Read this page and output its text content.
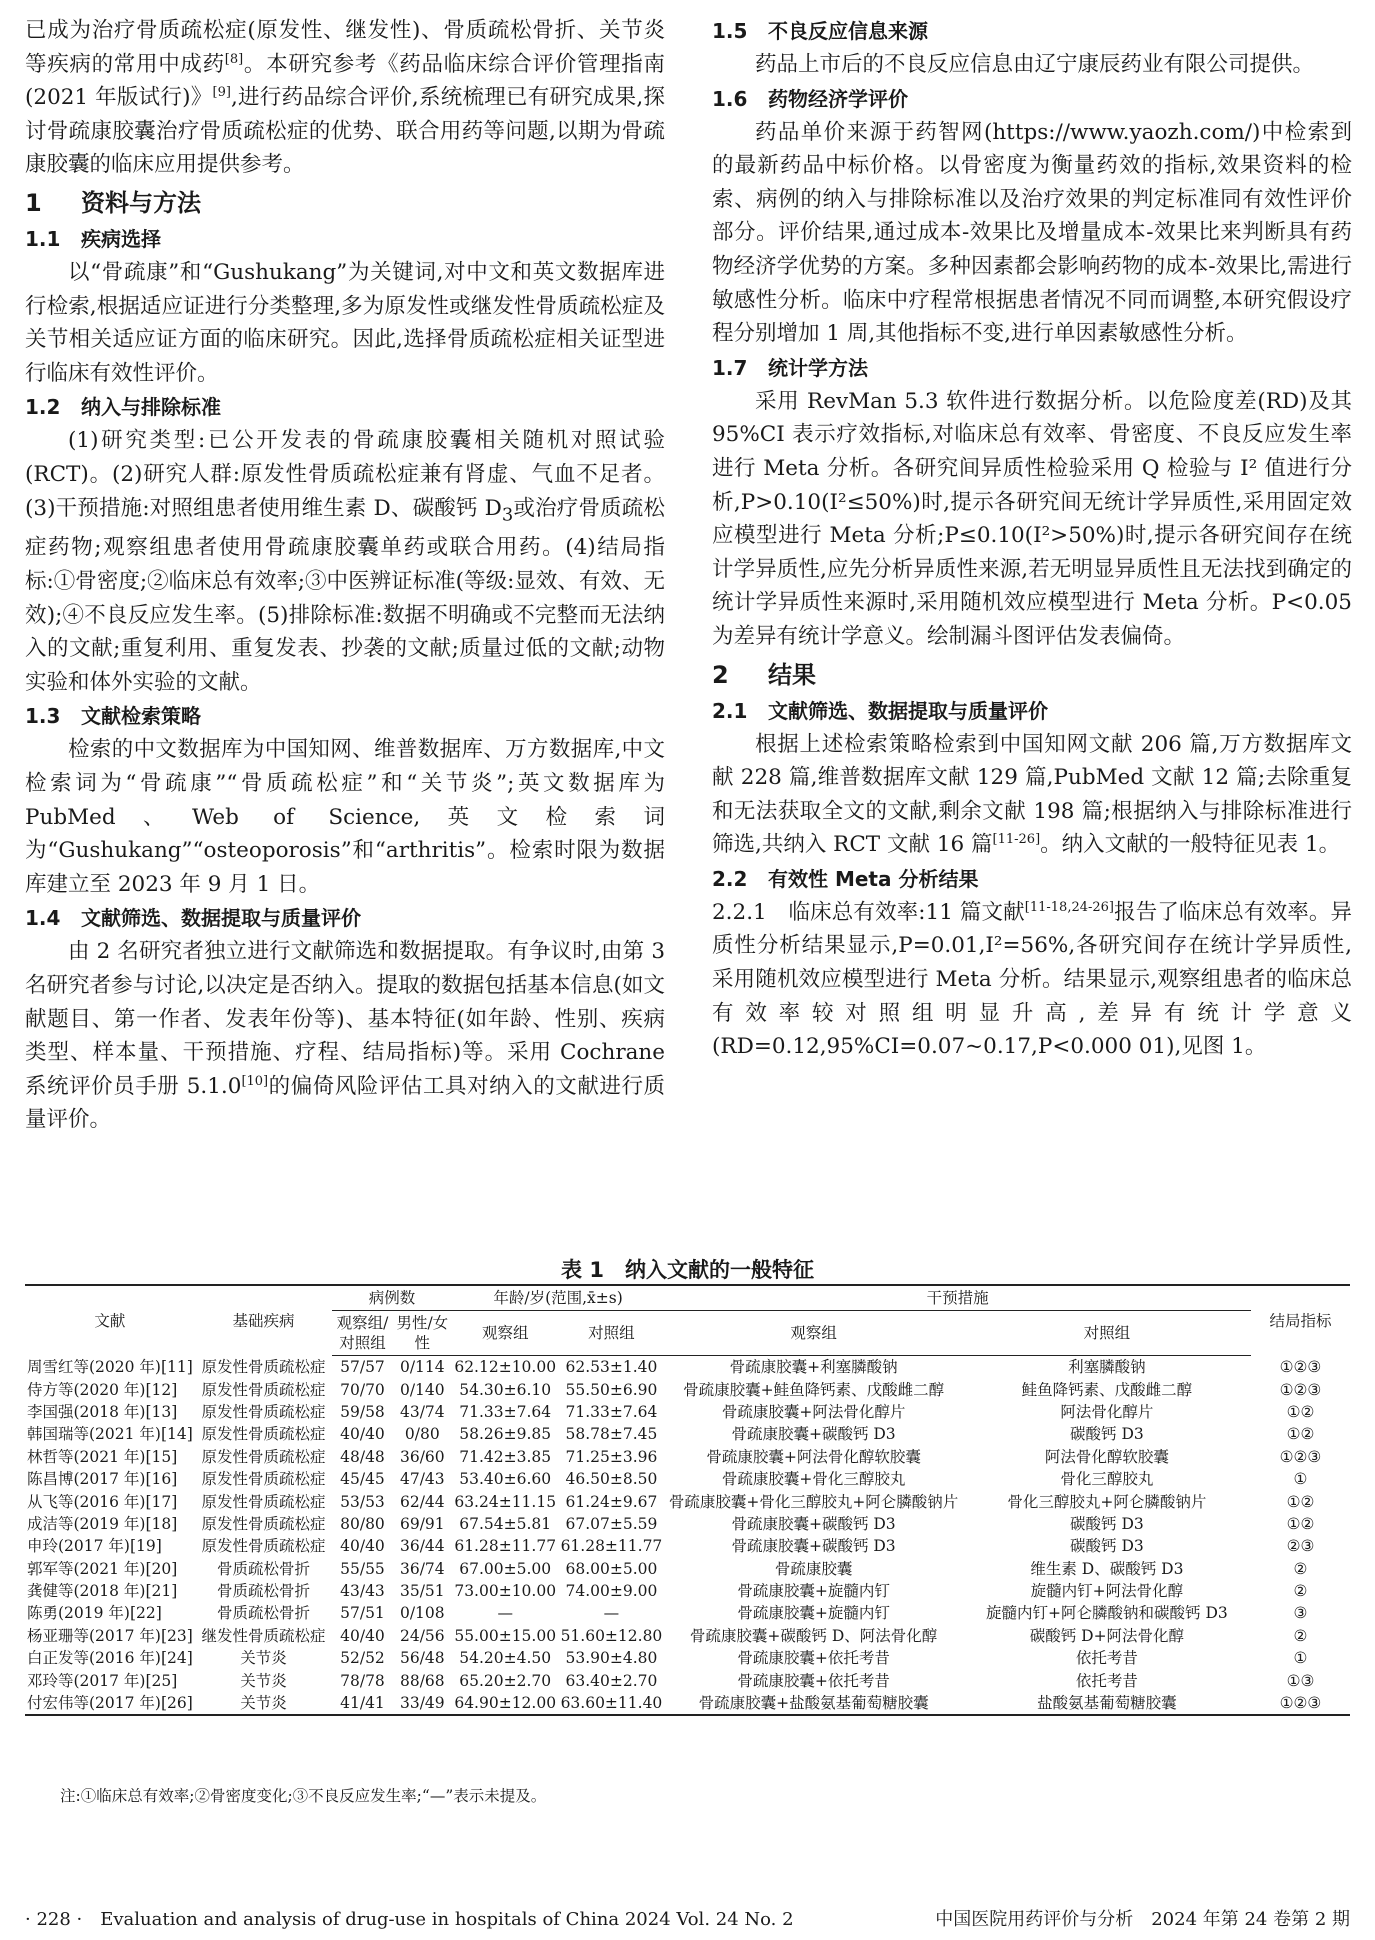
已成为治疗骨质疏松症(原发性、继发性)、骨质疏松骨折、关节炎等疾病的常用中成药[8]。本研究参考《药品临床综合评价管理指南(2021 年版试行)》[9],进行药品综合评价,系统梳理已有研究成果,探讨骨疏康胶囊治疗骨质疏松症的优势、联合用药等问题,以期为骨疏康胶囊的临床应用提供参考。

1 资料与方法
1.1 疾病选择

以“骨疏康”和“Gushukang”为关键词,对中文和英文数据库进行检索,根据适应证进行分类整理,多为原发性或继发性骨质疏松症及关节相关适应证方面的临床研究。因此,选择骨质疏松症相关证型进行临床有效性评价。

1.2 纳入与排除标准

(1)研究类型:已公开发表的骨疏康胶囊相关随机对照试验(RCT)。(2)研究人群:原发性骨质疏松症兼有肾虚、气血不足者。(3)干预措施:对照组患者使用维生素 D、碳酸钙 $D_3$或治疗骨质疏松症药物;观察组患者使用骨疏康胶囊单药或联合用药。(4)结局指标:①骨密度;②临床总有效率;③中医辨证标准(等级:显效、有效、无效);④不良反应发生率。(5)排除标准:数据不明确或不完整而无法纳入的文献;重复利用、重复发表、抄袭的文献;质量过低的文献;动物实验和体外实验的文献。

1.3 文献检索策略

检索的中文数据库为中国知网、维普数据库、万方数据库,中文检索词为“骨疏康”“骨质疏松症”和“关节炎”;英文数据库为 PubMed、Web of Science,英文检索词为“Gushukang”“osteoporosis”和“arthritis”。检索时限为数据库建立至 2023 年 9 月 1 日。

1.4 文献筛选、数据提取与质量评价

由 2 名研究者独立进行文献筛选和数据提取。有争议时,由第 3 名研究者参与讨论,以决定是否纳入。提取的数据包括基本信息(如文献题目、第一作者、发表年份等)、基本特征(如年龄、性别、疾病类型、样本量、干预措施、疗程、结局指标)等。采用 Cochrane 系统评价员手册 5.1.0[10]的偏倚风险评估工具对纳入的文献进行质量评价。

1.5 不良反应信息来源

药品上市后的不良反应信息由辽宁康辰药业有限公司提供。

1.6 药物经济学评价

药品单价来源于药智网(https://www.yaozh.com/)中检索到的最新药品中标价格。以骨密度为衡量药效的指标,效果资料的检索、病例的纳入与排除标准以及治疗效果的判定标准同有效性评价部分。评价结果,通过成本-效果比及增量成本-效果比来判断具有药物经济学优势的方案。多种因素都会影响药物的成本-效果比,需进行敏感性分析。临床中疗程常根据患者情况不同而调整,本研究假设疗程分别增加 1 周,其他指标不变,进行单因素敏感性分析。

1.7 统计学方法

采用 RevMan 5.3 软件进行数据分析。以危险度差(RD)及其 95%CI 表示疗效指标,对临床总有效率、骨密度、不良反应发生率进行 Meta 分析。各研究间异质性检验采用 Q 检验与 I² 值进行分析,P>0.10(I²≤50%)时,提示各研究间无统计学异质性,采用固定效应模型进行 Meta 分析;P≤0.10(I²>50%)时,提示各研究间存在统计学异质性,应先分析异质性来源,若无明显异质性且无法找到确定的统计学异质性来源时,采用随机效应模型进行 Meta 分析。P<0.05 为差异有统计学意义。绘制漏斗图评估发表偏倚。

2 结果
2.1 文献筛选、数据提取与质量评价

根据上述检索策略检索到中国知网文献 206 篇,万方数据库文献 228 篇,维普数据库文献 129 篇,PubMed 文献 12 篇;去除重复和无法获取全文的文献,剩余文献 198 篇;根据纳入与排除标准进行筛选,共纳入 RCT 文献 16 篇[11-26]。纳入文献的一般特征见表 1。

2.2 有效性 Meta 分析结果

2.2.1　临床总有效率:11 篇文献[11-18,24-26]报告了临床总有效率。异质性分析结果显示,P=0.01,I²=56%,各研究间存在统计学异质性,采用随机效应模型进行 Meta 分析。结果显示,观察组患者的临床总有效率较对照组明显升高,差异有统计学意义(RD=0.12,95%CI=0.07~0.17,P<0.000 01),见图 1。

表 1　纳入文献的一般特征
文献	基础疾病	病例数		年龄/岁(范围,x̄±s)		干预措施		结局指标
		观察组/对照组	男性/女性	观察组	对照组	观察组	对照组	
周雪红等(2020 年)[11]	原发性骨质疏松症	57/57	0/114	62.12±10.00	62.53±1.40	骨疏康胶囊+利塞膦酸钠	利塞膦酸钠	①②③
侍方等(2020 年)[12]	原发性骨质疏松症	70/70	0/140	54.30±6.10	55.50±6.90	骨疏康胶囊+鲑鱼降钙素、戊酸雌二醇	鲑鱼降钙素、戊酸雌二醇	①②③
李国强(2018 年)[13]	原发性骨质疏松症	59/58	43/74	71.33±7.64	71.33±7.64	骨疏康胶囊+阿法骨化醇片	阿法骨化醇片	①②
韩国瑞等(2021 年)[14]	原发性骨质疏松症	40/40	0/80	58.26±9.85	58.78±7.45	骨疏康胶囊+碳酸钙 D3	碳酸钙 D3	①②
林哲等(2021 年)[15]	原发性骨质疏松症	48/48	36/60	71.42±3.85	71.25±3.96	骨疏康胶囊+阿法骨化醇软胶囊	阿法骨化醇软胶囊	①②③
陈昌博(2017 年)[16]	原发性骨质疏松症	45/45	47/43	53.40±6.60	46.50±8.50	骨疏康胶囊+骨化三醇胶丸	骨化三醇胶丸	①
从飞等(2016 年)[17]	原发性骨质疏松症	53/53	62/44	63.24±11.15	61.24±9.67	骨疏康胶囊+骨化三醇胶丸+阿仑膦酸钠片	骨化三醇胶丸+阿仑膦酸钠片	①②
成洁等(2019 年)[18]	原发性骨质疏松症	80/80	69/91	67.54±5.81	67.07±5.59	骨疏康胶囊+碳酸钙 D3	碳酸钙 D3	①②
申玲(2017 年)[19]	原发性骨质疏松症	40/40	36/44	61.28±11.77	61.28±11.77	骨疏康胶囊+碳酸钙 D3	碳酸钙 D3	②③
郭军等(2021 年)[20]	骨质疏松骨折	55/55	36/74	67.00±5.00	68.00±5.00	骨疏康胶囊	维生素 D、碳酸钙 D3	②
龚健等(2018 年)[21]	骨质疏松骨折	43/43	35/51	73.00±10.00	74.00±9.00	骨疏康胶囊+旋髓内钉	旋髓内钉+阿法骨化醇	②
陈勇(2019 年)[22]	骨质疏松骨折	57/51	0/108	—	—	骨疏康胶囊+旋髓内钉	旋髓内钉+阿仑膦酸钠和碳酸钙 D3	③
杨亚珊等(2017 年)[23]	继发性骨质疏松症	40/40	24/56	55.00±15.00	51.60±12.80	骨疏康胶囊+碳酸钙 D、阿法骨化醇	碳酸钙 D+阿法骨化醇	②
白正发等(2016 年)[24]	关节炎	52/52	56/48	54.20±4.50	53.90±4.80	骨疏康胶囊+依托考昔	依托考昔	①
邓玲等(2017 年)[25]	关节炎	78/78	88/68	65.20±2.70	63.40±2.70	骨疏康胶囊+依托考昔	依托考昔	①③
付宏伟等(2017 年)[26]	关节炎	41/41	33/49	64.90±12.00	63.60±11.40	骨疏康胶囊+盐酸氨基葡萄糖胶囊	盐酸氨基葡萄糖胶囊	①②③
注:①临床总有效率;②骨密度变化;③不良反应发生率;“—”表示未提及。
· 228 ·　Evaluation and analysis of drug-use in hospitals of China 2024 Vol. 24 No. 2	中国医院用药评价与分析　2024 年第 24 卷第 2 期
